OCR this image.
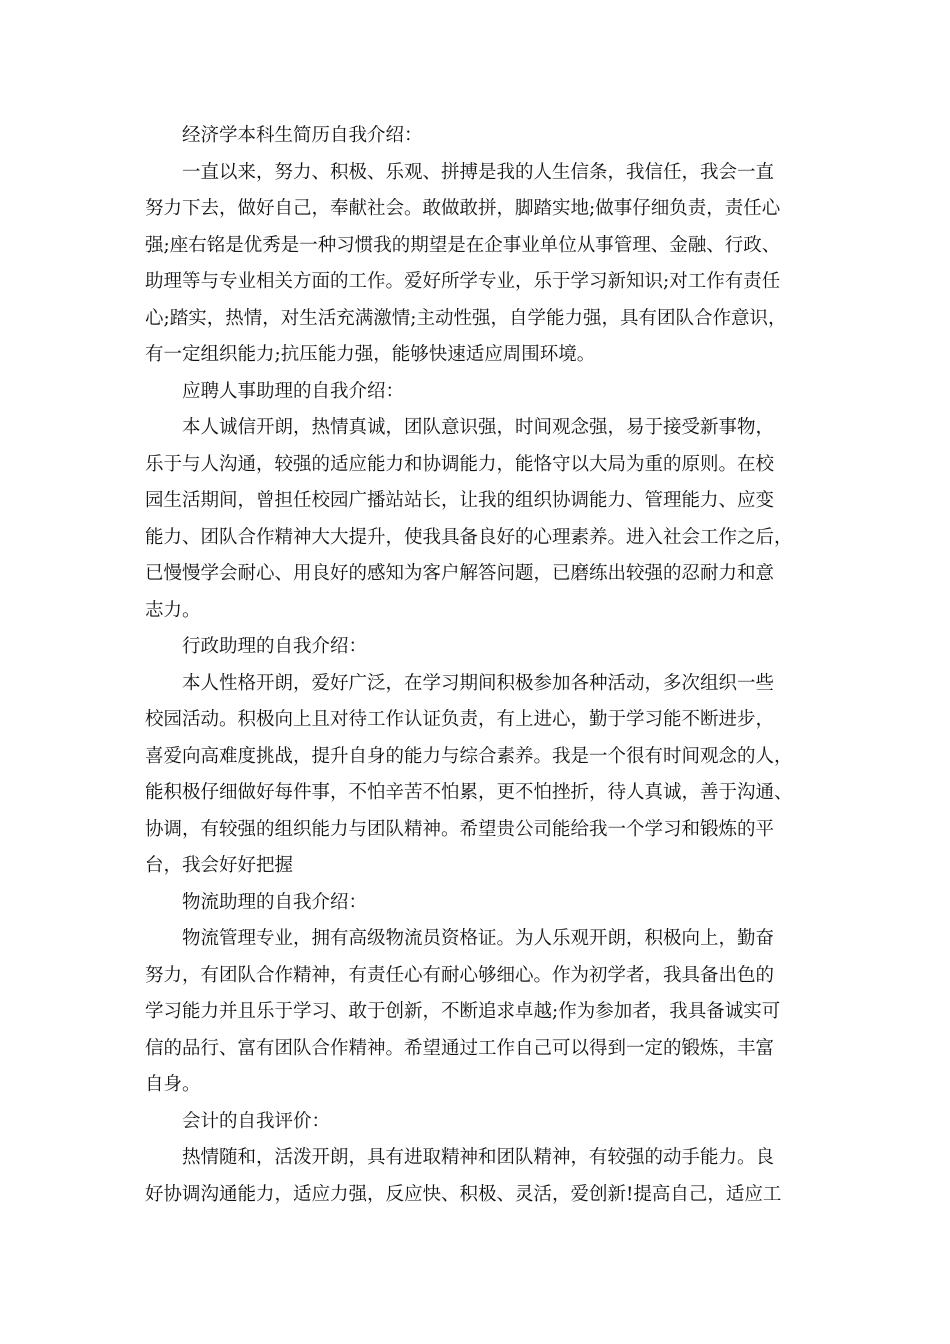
经济学本科生简历自我介绍：
一直以来，努力、积极、乐观、拼搏是我的人生信条，我信任，我会一直
努力下去，做好自己，奉献社会。敢做敢拼，脚踏实地;做事仔细负责，责任心
强;座右铭是优秀是一种习惯我的期望是在企事业单位从事管理、金融、行政、
助理等与专业相关方面的工作。爱好所学专业，乐于学习新知识;对工作有责任
心;踏实，热情，对生活充满激情;主动性强，自学能力强，具有团队合作意识，
有一定组织能力;抗压能力强，能够快速适应周围环境。
应聘人事助理的自我介绍：
本人诚信开朗，热情真诚，团队意识强，时间观念强，易于接受新事物，
乐于与人沟通，较强的适应能力和协调能力，能恪守以大局为重的原则。在校
园生活期间，曾担任校园广播站站长，让我的组织协调能力、管理能力、应变
能力、团队合作精神大大提升，使我具备良好的心理素养。进入社会工作之后，
已慢慢学会耐心、用良好的感知为客户解答问题，已磨练出较强的忍耐力和意
志力。
行政助理的自我介绍：
本人性格开朗，爱好广泛，在学习期间积极参加各种活动，多次组织一些
校园活动。积极向上且对待工作认证负责，有上进心，勤于学习能不断进步，
喜爱向高难度挑战，提升自身的能力与综合素养。我是一个很有时间观念的人，
能积极仔细做好每件事，不怕辛苦不怕累，更不怕挫折，待人真诚，善于沟通、
协调，有较强的组织能力与团队精神。希望贵公司能给我一个学习和锻炼的平
台，我会好好把握
物流助理的自我介绍：
物流管理专业，拥有高级物流员资格证。为人乐观开朗，积极向上，勤奋
努力，有团队合作精神，有责任心有耐心够细心。作为初学者，我具备出色的
学习能力并且乐于学习、敢于创新，不断追求卓越;作为参加者，我具备诚实可
信的品行、富有团队合作精神。希望通过工作自己可以得到一定的锻炼，丰富
自身。
会计的自我评价：
热情随和，活泼开朗，具有进取精神和团队精神，有较强的动手能力。良
好协调沟通能力，适应力强，反应快、积极、灵活，爱创新!提高自己，适应工
